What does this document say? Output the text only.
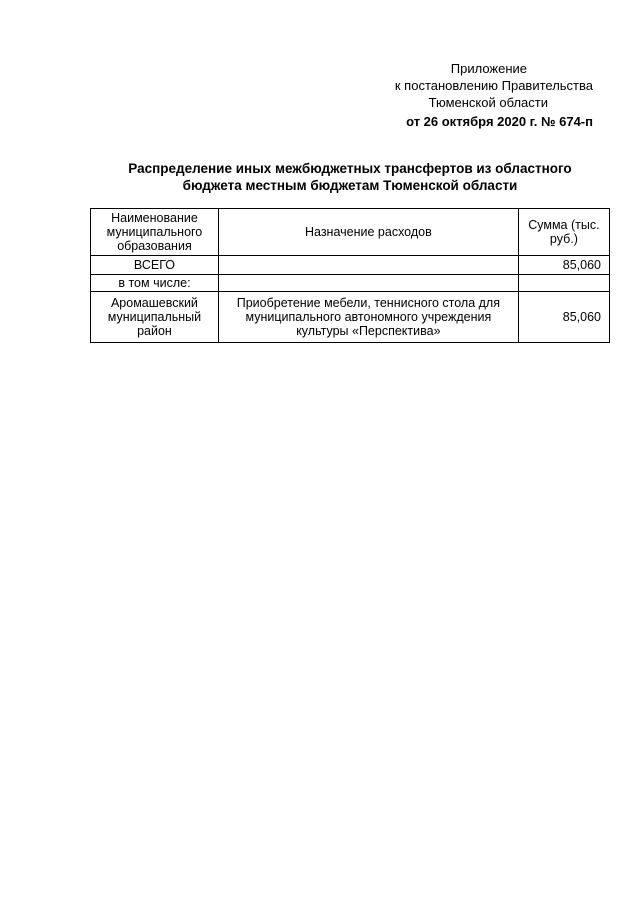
Приложение
к постановлению Правительства
Тюменской области
от 26 октября 2020 г. № 674-п
Распределение иных межбюджетных трансфертов из областного
бюджета местным бюджетам Тюменской области
Наименование муниципального образования	Назначение расходов	Сумма (тыс. руб.)
ВСЕГО		85,060
в том числе:		
Аромашевский муниципальный район	Приобретение мебели, теннисного стола для муниципального автономного учреждения культуры «Перспектива»	85,060
